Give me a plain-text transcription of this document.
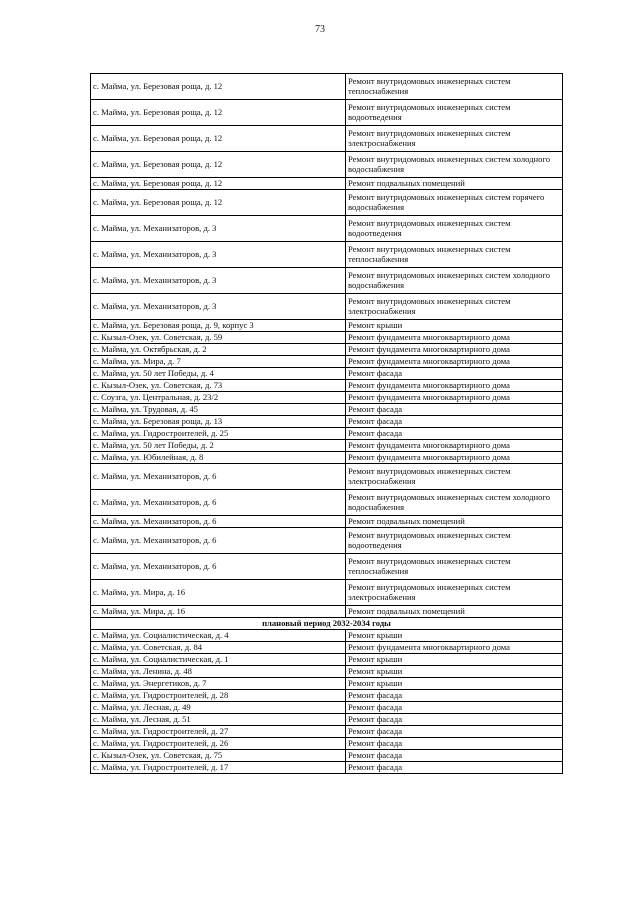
73
с. Майма, ул. Березовая роща, д. 12	Ремонт внутридомовых инженерных систем теплоснабжения
с. Майма, ул. Березовая роща, д. 12	Ремонт внутридомовых инженерных систем водоотведения
с. Майма, ул. Березовая роща, д. 12	Ремонт внутридомовых инженерных систем электроснабжения
с. Майма, ул. Березовая роща, д. 12	Ремонт внутридомовых инженерных систем холодного водоснабжения
с. Майма, ул. Березовая роща, д. 12	Ремонт подвальных помещений
с. Майма, ул. Березовая роща, д. 12	Ремонт внутридомовых инженерных систем горячего водоснабжения
с. Майма, ул. Механизаторов, д. 3	Ремонт внутридомовых инженерных систем водоотведения
с. Майма, ул. Механизаторов, д. 3	Ремонт внутридомовых инженерных систем теплоснабжения
с. Майма, ул. Механизаторов, д. 3	Ремонт внутридомовых инженерных систем холодного водоснабжения
с. Майма, ул. Механизаторов, д. 3	Ремонт внутридомовых инженерных систем электроснабжения
с. Майма, ул. Березовая роща, д. 9, корпус 3	Ремонт крыши
с. Кызыл-Озек, ул. Советская, д. 59	Ремонт фундамента многоквартирного дома
с. Майма, ул. Октябрьская, д. 2	Ремонт фундамента многоквартирного дома
с. Майма, ул. Мира, д. 7	Ремонт фундамента многоквартирного дома
с. Майма, ул. 50 лет Победы, д. 4	Ремонт фасада
с. Кызыл-Озек, ул. Советская, д. 73	Ремонт фундамента многоквартирного дома
с. Соузга, ул. Центральная, д. 23/2	Ремонт фундамента многоквартирного дома
с. Майма, ул. Трудовая, д. 45	Ремонт фасада
с. Майма, ул. Березовая роща, д. 13	Ремонт фасада
с. Майма, ул. Гидростроителей, д. 25	Ремонт фасада
с. Майма, ул. 50 лет Победы, д. 2	Ремонт фундамента многоквартирного дома
с. Майма, ул. Юбилейная, д. 8	Ремонт фундамента многоквартирного дома
с. Майма, ул. Механизаторов, д. 6	Ремонт внутридомовых инженерных систем электроснабжения
с. Майма, ул. Механизаторов, д. 6	Ремонт внутридомовых инженерных систем холодного водоснабжения
с. Майма, ул. Механизаторов, д. 6	Ремонт подвальных помещений
с. Майма, ул. Механизаторов, д. 6	Ремонт внутридомовых инженерных систем водоотведения
с. Майма, ул. Механизаторов, д. 6	Ремонт внутридомовых инженерных систем теплоснабжения
с. Майма, ул. Мира, д. 16	Ремонт внутридомовых инженерных систем электроснабжения
с. Майма, ул. Мира, д. 16	Ремонт подвальных помещений
плановый период 2032-2034 годы	
с. Майма, ул. Социалистическая, д. 4	Ремонт крыши
с. Майма, ул. Советская, д. 84	Ремонт фундамента многоквартирного дома
с. Майма, ул. Социалистическая, д. 1	Ремонт крыши
с. Майма, ул. Ленина, д. 48	Ремонт крыши
с. Майма, ул. Энергетиков, д. 7	Ремонт крыши
с. Майма, ул. Гидростроителей, д. 28	Ремонт фасада
с. Майма, ул. Лесная, д. 49	Ремонт фасада
с. Майма, ул. Лесная, д. 51	Ремонт фасада
с. Майма, ул. Гидростроителей, д. 27	Ремонт фасада
с. Майма, ул. Гидростроителей, д. 26	Ремонт фасада
с. Кызыл-Озек, ул. Советская, д. 75	Ремонт фасада
с. Майма, ул. Гидростроителей, д. 17	Ремонт фасада
